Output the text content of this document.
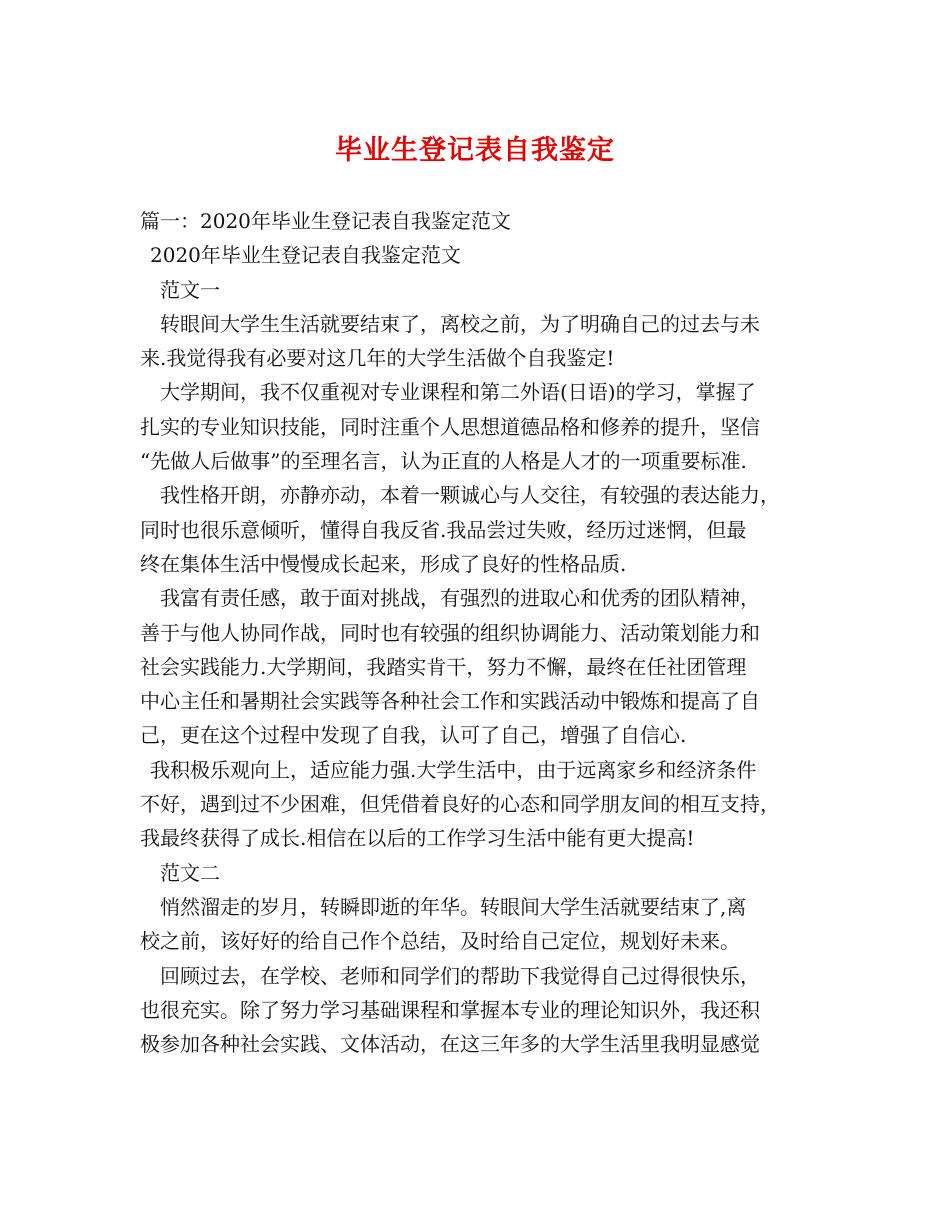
毕业生登记表自我鉴定
篇一：2020年毕业生登记表自我鉴定范文
2020年毕业生登记表自我鉴定范文
范文一
转眼间大学生生活就要结束了，离校之前，为了明确自己的过去与未
来.我觉得我有必要对这几年的大学生活做个自我鉴定!
大学期间，我不仅重视对专业课程和第二外语(日语)的学习，掌握了
扎实的专业知识技能，同时注重个人思想道德品格和修养的提升，坚信
“先做人后做事”的至理名言，认为正直的人格是人才的一项重要标准.
我性格开朗，亦静亦动，本着一颗诚心与人交往，有较强的表达能力，
同时也很乐意倾听，懂得自我反省.我品尝过失败，经历过迷惘，但最
终在集体生活中慢慢成长起来，形成了良好的性格品质.
我富有责任感，敢于面对挑战，有强烈的进取心和优秀的团队精神，
善于与他人协同作战，同时也有较强的组织协调能力、活动策划能力和
社会实践能力.大学期间，我踏实肯干，努力不懈，最终在任社团管理
中心主任和暑期社会实践等各种社会工作和实践活动中锻炼和提高了自
己，更在这个过程中发现了自我，认可了自己，增强了自信心.
我积极乐观向上，适应能力强.大学生活中，由于远离家乡和经济条件
不好，遇到过不少困难，但凭借着良好的心态和同学朋友间的相互支持，
我最终获得了成长.相信在以后的工作学习生活中能有更大提高!
范文二
悄然溜走的岁月，转瞬即逝的年华。转眼间大学生活就要结束了,离
校之前，该好好的给自己作个总结，及时给自己定位，规划好未来。
回顾过去，在学校、老师和同学们的帮助下我觉得自己过得很快乐，
也很充实。除了努力学习基础课程和掌握本专业的理论知识外，我还积
极参加各种社会实践、文体活动，在这三年多的大学生活里我明显感觉
